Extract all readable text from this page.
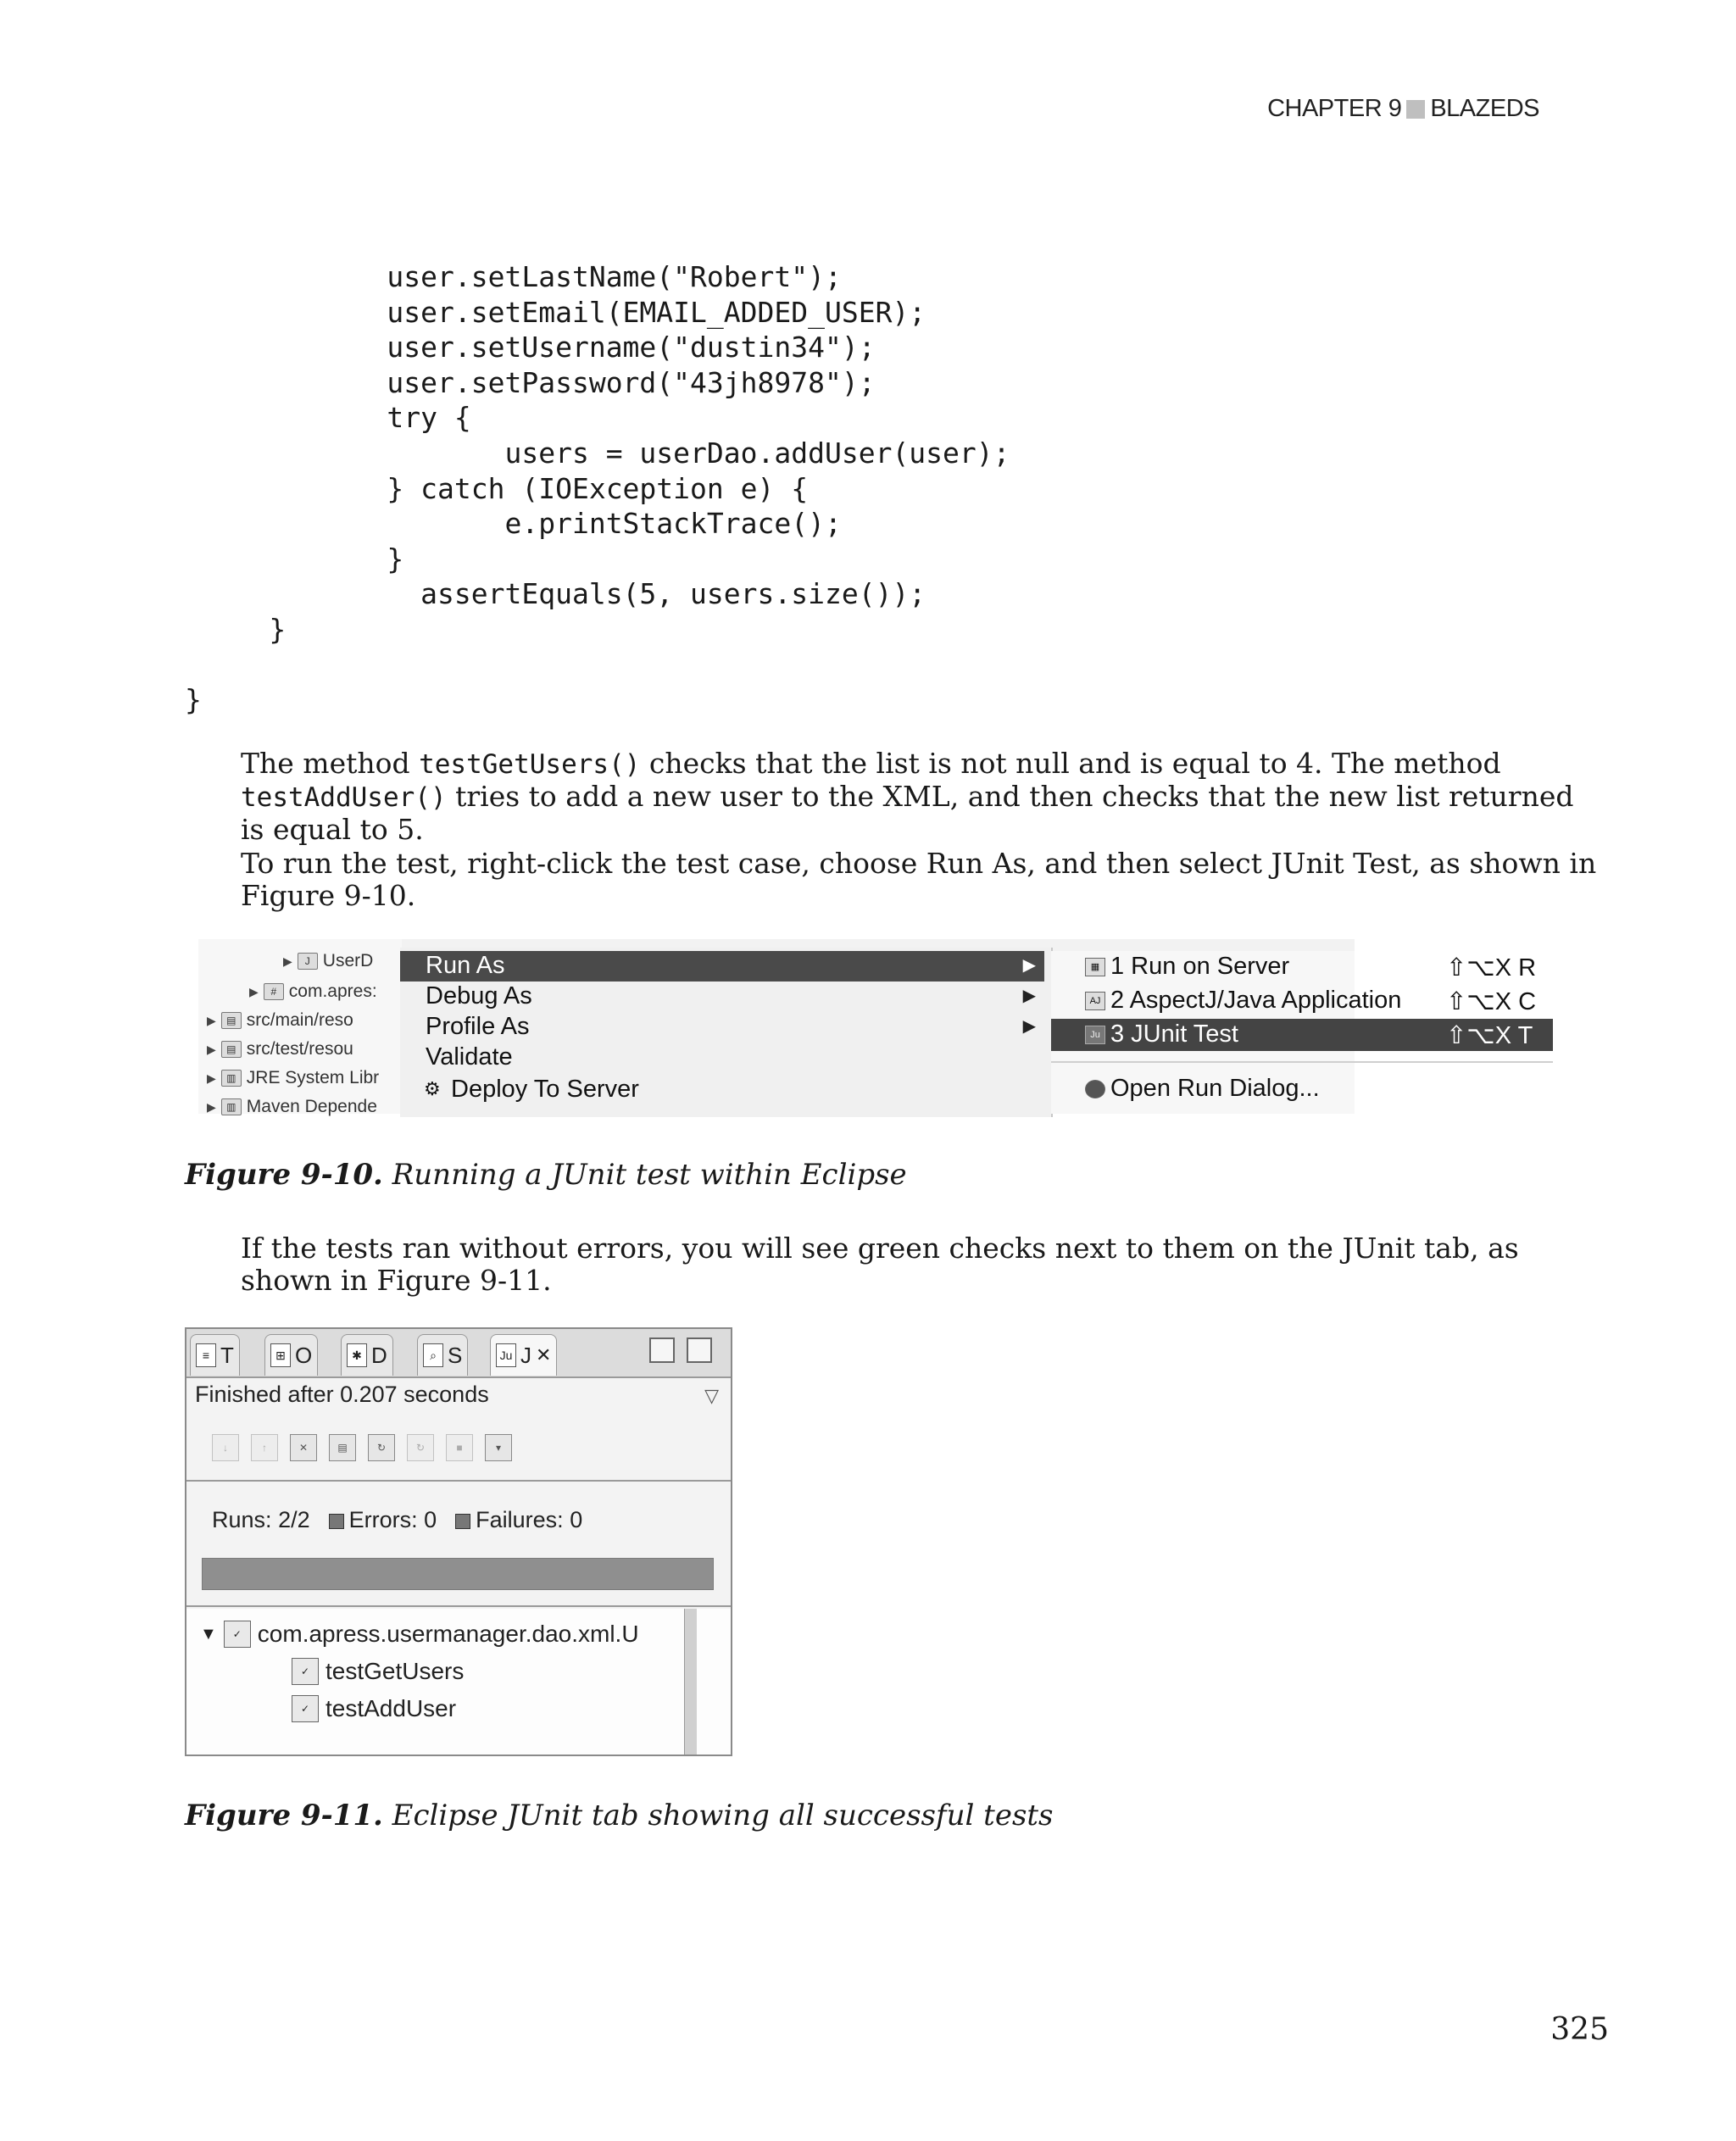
CHAPTER 9 BLAZEDS
user.setLastName("Robert");
user.setEmail(EMAIL_ADDED_USER);
user.setUsername("dustin34");
user.setPassword("43jh8978");
try {
users = userDao.addUser(user);
} catch (IOException e) {
e.printStackTrace();
}
assertEquals(5, users.size());
}

}

The method testGetUsers() checks that the list is not null and is equal to 4. The method testAddUser() tries to add a new user to the XML, and then checks that the new list returned is equal to 5.

To run the test, right-click the test case, choose Run As, and then select JUnit Test, as shown in Figure 9-10.

▶	J UserD
▶	# com.apres:
▶	▤ src/main/reso
▶	▤ src/test/resou
▶	▥ JRE System Libr
▶	▥ Maven Depende
Run As	▶
Debug As	▶
Profile As	▶
Validate
Deploy To Server
⚙
▦ 1 Run on Server	⇧⌥X R
AJ 2 AspectJ/Java Application ⇧⌥X C
Ju 3 JUnit Test	⇧⌥X T
↖
Open Run Dialog...
Figure 9-10. Running a JUnit test within Eclipse

If the tests ran without errors, you will see green checks next to them on the JUnit tab, as shown in Figure 9-11.

≡ T	⊞ O	✱ D	⌕ S	Ju J ✕
Finished after 0.207 seconds	▽
↓	↑	✕	▤	↻	↻	■	▾
Runs: 2/2	Errors: 0	Failures: 0
▼	✓ com.apress.usermanager.dao.xml.U
✓ testGetUsers
✓ testAddUser
Figure 9-11. Eclipse JUnit tab showing all successful tests
325
